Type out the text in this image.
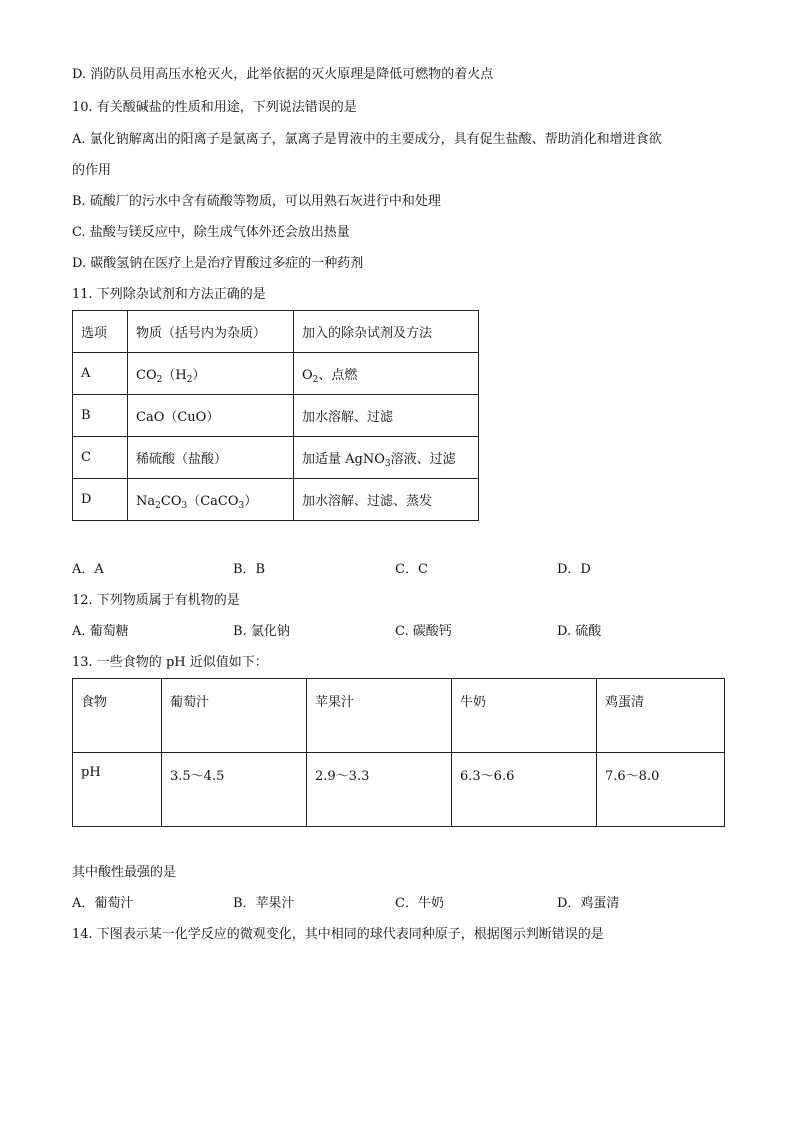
D. 消防队员用高压水枪灭火，此举依据的灭火原理是降低可燃物的着火点
10. 有关酸碱盐的性质和用途，下列说法错误的是
A. 氯化钠解离出的阳离子是氯离子，氯离子是胃液中的主要成分，具有促生盐酸、帮助消化和增进食欲
的作用
B. 硫酸厂的污水中含有硫酸等物质，可以用熟石灰进行中和处理
C. 盐酸与镁反应中，除生成气体外还会放出热量
D. 碳酸氢钠在医疗上是治疗胃酸过多症的一种药剂
11. 下列除杂试剂和方法正确的是
选项	物质（括号内为杂质）	加入的除杂试剂及方法
A	$CO_2(H_2)$	$O_2$、点燃
B	CaO（CuO）	加水溶解、过滤
C	稀硫酸（盐酸）	加适量 AgNO$_3$溶液、过滤
D	$Na_2CO_3(CaCO_3)$	加水溶解、过滤、蒸发
A．A	B．B	C．C	D．D
12. 下列物质属于有机物的是
A. 葡萄糖	B. 氯化钠	C. 碳酸钙	D. 硫酸
13. 一些食物的 pH 近似值如下：
食物	葡萄汁	苹果汁	牛奶	鸡蛋清
pH	3.5～4.5	2.9～3.3	6.3～6.6	7.6～8.0
其中酸性最强的是
A．葡萄汁	B．苹果汁	C．牛奶	D．鸡蛋清
14. 下图表示某一化学反应的微观变化，其中相同的球代表同种原子，根据图示判断错误的是
